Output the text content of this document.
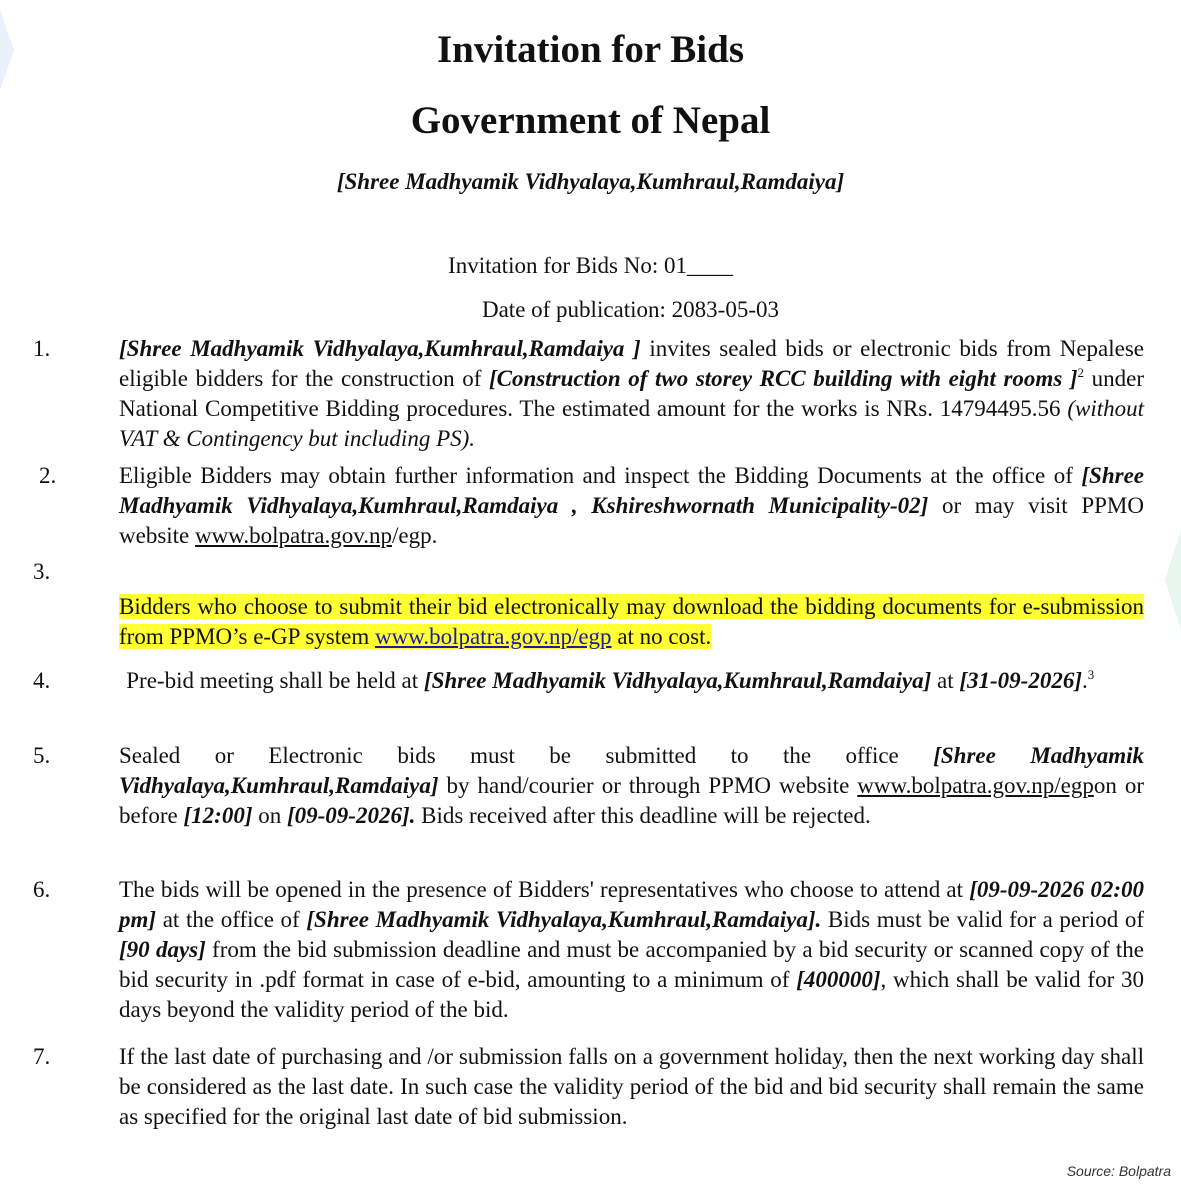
Invitation for Bids
Government of Nepal
[Shree Madhyamik Vidhyalaya,Kumhraul,Ramdaiya]
Invitation for Bids No: 01____
Date of publication: 2083-05-03
1.	[Shree Madhyamik Vidhyalaya,Kumhraul,Ramdaiya ] invites sealed bids or electronic bids from Nepalese eligible bidders for the construction of [Construction of two storey RCC building with eight rooms ]$^2$ under National Competitive Bidding procedures. The estimated amount for the works is NRs. 14794495.56 (without VAT & Contingency but including PS).
2.	Eligible Bidders may obtain further information and inspect the Bidding Documents at the office of [Shree Madhyamik Vidhyalaya,Kumhraul,Ramdaiya , Kshireshwornath Municipality-02] or may visit PPMO website www.bolpatra.gov.np/egp.
3.
Bidders who choose to submit their bid electronically may download the bidding documents for e-submission from PPMO’s e-GP system www.bolpatra.gov.np/egp at no cost.
4.	Pre-bid meeting shall be held at [Shree Madhyamik Vidhyalaya,Kumhraul,Ramdaiya] at [31-09-2026].$^3$
5.	Sealed or Electronic bids must be submitted to the office [Shree Madhyamik Vidhyalaya,Kumhraul,Ramdaiya] by hand/courier or through PPMO website www.bolpatra.gov.np/egpon or before [12:00] on [09-09-2026]. Bids received after this deadline will be rejected.
6.	The bids will be opened in the presence of Bidders' representatives who choose to attend at [09-09-2026 02:00 pm] at the office of [Shree Madhyamik Vidhyalaya,Kumhraul,Ramdaiya]. Bids must be valid for a period of [90 days] from the bid submission deadline and must be accompanied by a bid security or scanned copy of the bid security in .pdf format in case of e-bid, amounting to a minimum of [400000], which shall be valid for 30 days beyond the validity period of the bid.
7.	If the last date of purchasing and /or submission falls on a government holiday, then the next working day shall be considered as the last date. In such case the validity period of the bid and bid security shall remain the same as specified for the original last date of bid submission.
Source: Bolpatra
